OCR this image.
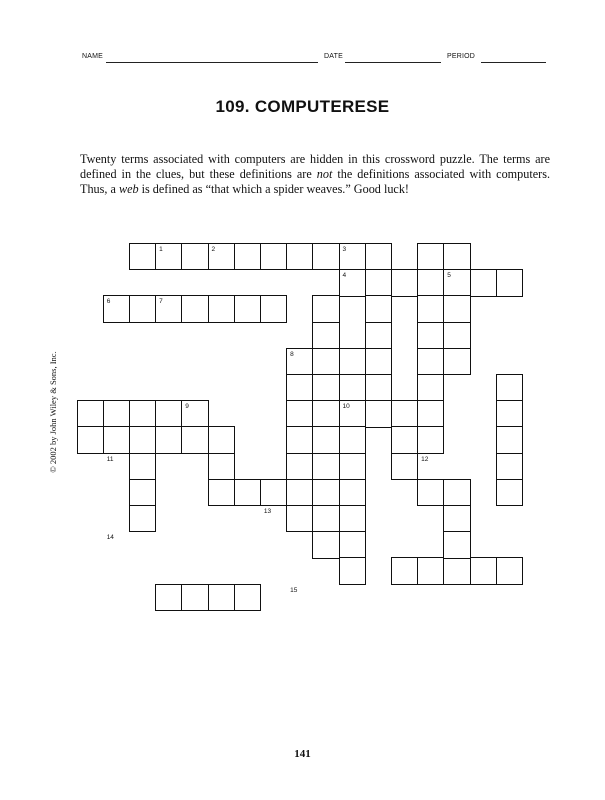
NAME	DATE	PERIOD
109. COMPUTERESE

Twenty terms associated with computers are hidden in this crossword puzzle. The terms are defined in the clues, but these definitions are not the definitions associated with computers. Thus, a web is defined as “that which a spider weaves.” Good luck!

© 2002 by John Wiley & Sons, Inc.
1	2	3
4	5
6	7
8
9	10
11	12
13
14
15
141
